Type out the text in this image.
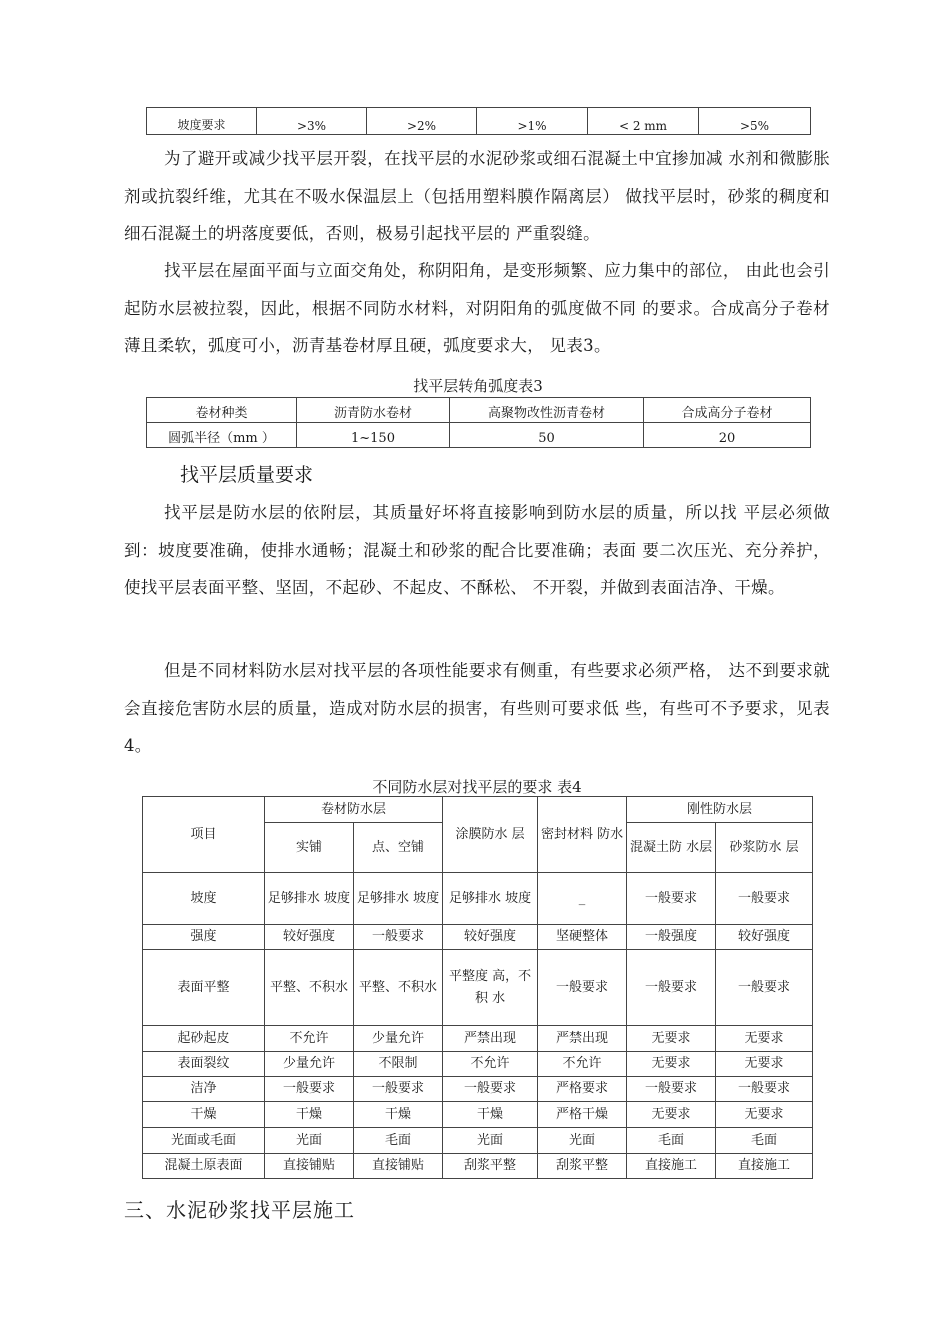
坡度要求	>3%	>2%	>1%	< 2 mm	>5%

为了避开或减少找平层开裂，在找平层的水泥砂浆或细石混凝土中宜掺加减 水剂和微膨胀剂或抗裂纤维，尤其在不吸水保温层上（包括用塑料膜作隔离层） 做找平层时，砂浆的稠度和细石混凝土的坍落度要低，否则，极易引起找平层的 严重裂缝。

找平层在屋面平面与立面交角处，称阴阳角，是变形频繁、应力集中的部位， 由此也会引起防水层被拉裂，因此，根据不同防水材料，对阴阳角的弧度做不同 的要求。合成高分子卷材薄且柔软，弧度可小，沥青基卷材厚且硬，弧度要求大， 见表3。

找平层转角弧度表3
卷材种类	沥青防水卷材	高聚物改性沥青卷材	合成高分子卷材
圆弧半径（mm ）	1~150	50	20
找平层质量要求

找平层是防水层的依附层，其质量好坏将直接影响到防水层的质量，所以找 平层必须做到：坡度要准确，使排水通畅；混凝土和砂浆的配合比要准确；表面 要二次压光、充分养护，使找平层表面平整、坚固，不起砂、不起皮、不酥松、 不开裂，并做到表面洁净、干燥。

但是不同材料防水层对找平层的各项性能要求有侧重，有些要求必须严格， 达不到要求就会直接危害防水层的质量，造成对防水层的损害，有些则可要求低 些，有些可不予要求，见表4。

不同防水层对找平层的要求 表4
项目	卷材防水层		涂膜防水 层	密封材料 防水	刚性防水层	
	实铺	点、空铺			混凝土防 水层	砂浆防水 层
坡度	足够排水 坡度	足够排水 坡度	足够排水 坡度	_	一般要求	一般要求
强度	较好强度	一般要求	较好强度	坚硬整体	一般强度	较好强度
表面平整	平整、不积水	平整、不积水	平整度 高，不积 水	一般要求	一般要求	一般要求
起砂起皮	不允许	少量允许	严禁出现	严禁出现	无要求	无要求
表面裂纹	少量允许	不限制	不允许	不允许	无要求	无要求
洁净	一般要求	一般要求	一般要求	严格要求	一般要求	一般要求
干燥	干燥	干燥	干燥	严格干燥	无要求	无要求
光面或毛面	光面	毛面	光面	光面	毛面	毛面
混凝土原表面	直接铺贴	直接铺贴	刮浆平整	刮浆平整	直接施工	直接施工
三、水泥砂浆找平层施工
